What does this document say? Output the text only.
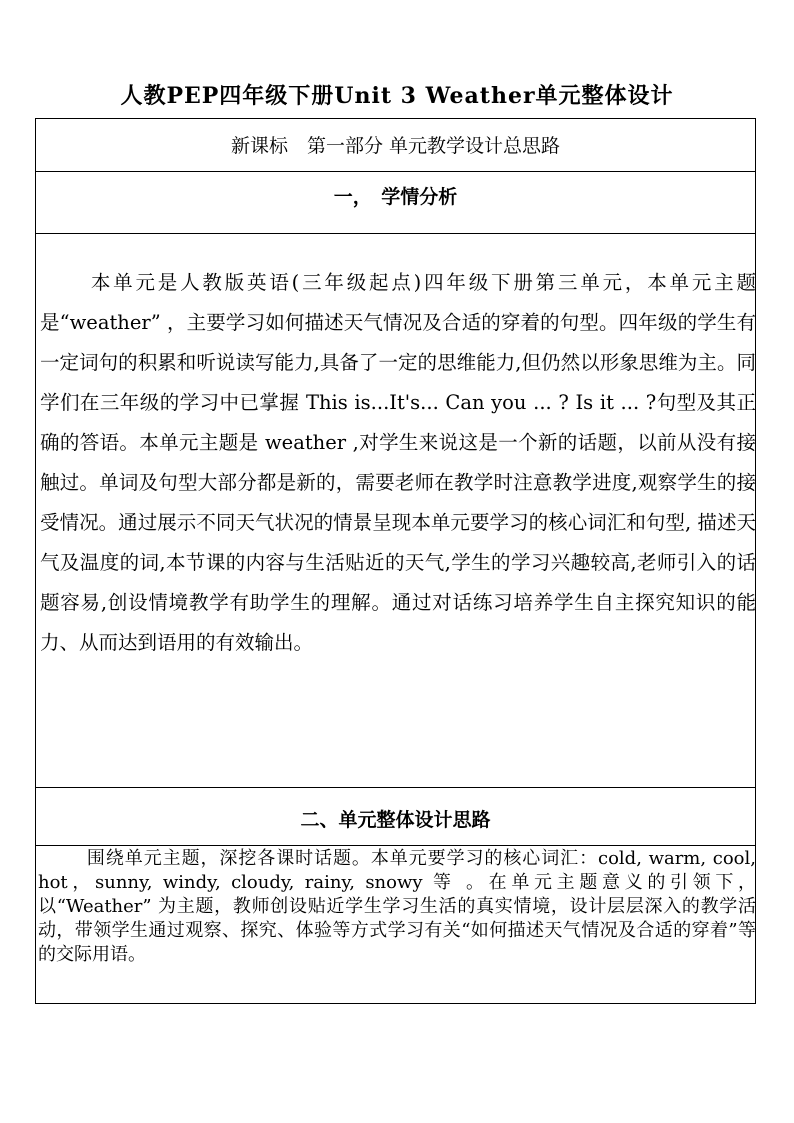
人教PEP四年级下册Unit 3 Weather单元整体设计
新课标　第一部分 单元教学设计总思路
一，　学情分析
本单元是人教版英语(三年级起点)四年级下册第三单元，本单元主题是“weather” ，主要学习如何描述天气情况及合适的穿着的句型。四年级的学生有一定词句的积累和听说读写能力,具备了一定的思维能力,但仍然以形象思维为主。同学们在三年级的学习中已掌握 This is...It's... Can you ... ? Is it ... ?句型及其正确的答语。本单元主题是 weather ,对学生来说这是一个新的话题，以前从没有接触过。单词及句型大部分都是新的，需要老师在教学时注意教学进度,观察学生的接受情况。通过展示不同天气状况的情景呈现本单元要学习的核心词汇和句型, 描述天气及温度的词,本节课的内容与生活贴近的天气,学生的学习兴趣较高,老师引入的话题容易,创设情境教学有助学生的理解。通过对话练习培养学生自主探究知识的能力、从而达到语用的有效输出。
二、单元整体设计思路
围绕单元主题，深挖各课时话题。本单元要学习的核心词汇：cold, warm, cool, hot，sunny, windy, cloudy, rainy, snowy 等 。在单元主题意义的引领下，以“Weather” 为主题，教师创设贴近学生学习生活的真实情境，设计层层深入的教学活动，带领学生通过观察、探究、体验等方式学习有关“如何描述天气情况及合适的穿着”等的交际用语。
